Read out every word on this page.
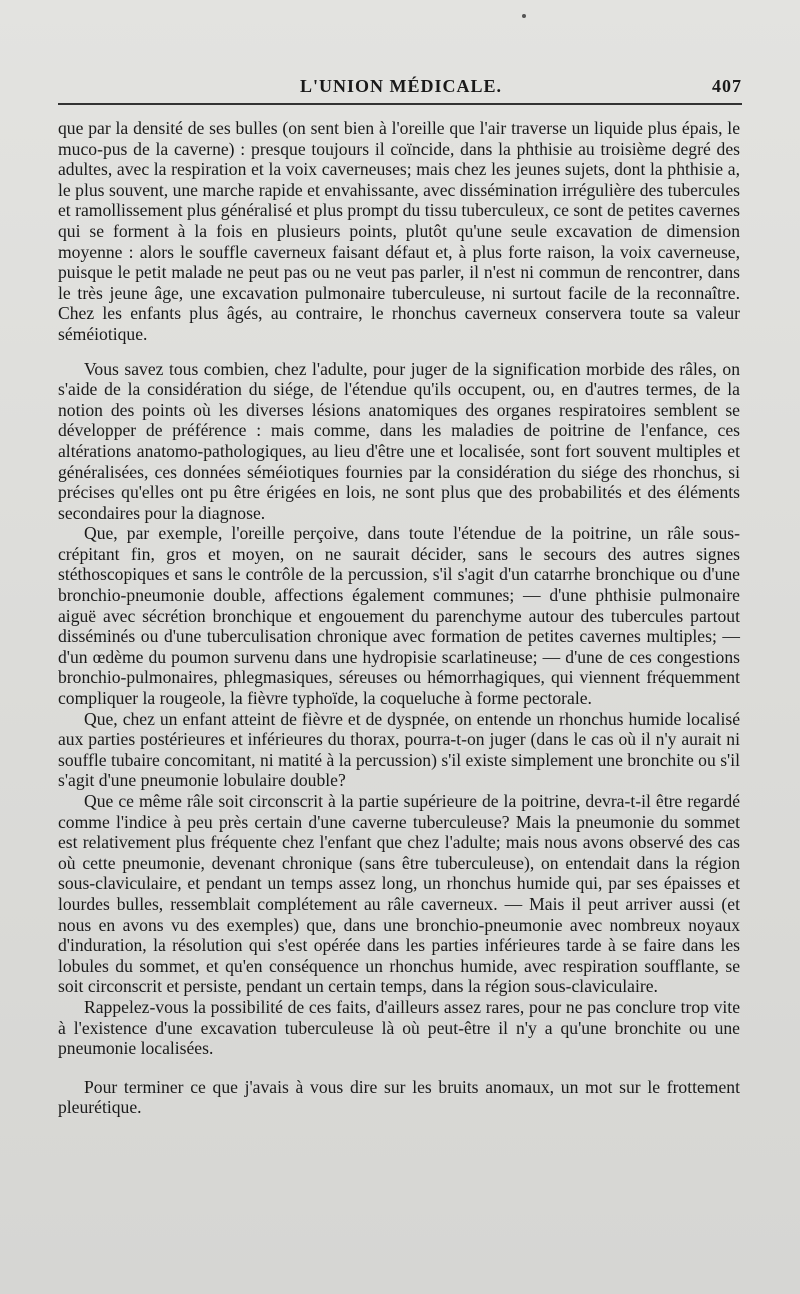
L'UNION MÉDICALE.	407

que par la densité de ses bulles (on sent bien à l'oreille que l'air traverse un liquide plus épais, le muco-pus de la caverne) : presque toujours il coïncide, dans la phthisie au troisième degré des adultes, avec la respiration et la voix caverneuses; mais chez les jeunes sujets, dont la phthisie a, le plus souvent, une marche rapide et envahissante, avec dissémination irrégulière des tubercules et ramollissement plus généralisé et plus prompt du tissu tuberculeux, ce sont de petites cavernes qui se forment à la fois en plusieurs points, plutôt qu'une seule excavation de dimension moyenne : alors le souffle caverneux faisant défaut et, à plus forte raison, la voix caverneuse, puisque le petit malade ne peut pas ou ne veut pas parler, il n'est ni commun de rencontrer, dans le très jeune âge, une excavation pulmonaire tuberculeuse, ni surtout facile de la reconnaître. Chez les enfants plus âgés, au contraire, le rhonchus caverneux conservera toute sa valeur séméiotique.

Vous savez tous combien, chez l'adulte, pour juger de la signification morbide des râles, on s'aide de la considération du siége, de l'étendue qu'ils occupent, ou, en d'autres termes, de la notion des points où les diverses lésions anatomiques des organes respiratoires semblent se développer de préférence : mais comme, dans les maladies de poitrine de l'enfance, ces altérations anatomo-pathologiques, au lieu d'être une et localisée, sont fort souvent multiples et généralisées, ces données séméiotiques fournies par la considération du siége des rhonchus, si précises qu'elles ont pu être érigées en lois, ne sont plus que des probabilités et des éléments secondaires pour la diagnose.

Que, par exemple, l'oreille perçoive, dans toute l'étendue de la poitrine, un râle sous-crépitant fin, gros et moyen, on ne saurait décider, sans le secours des autres signes stéthoscopiques et sans le contrôle de la percussion, s'il s'agit d'un catarrhe bronchique ou d'une bronchio-pneumonie double, affections également communes; — d'une phthisie pulmonaire aiguë avec sécrétion bronchique et engouement du parenchyme autour des tubercules partout disséminés ou d'une tuberculisation chronique avec formation de petites cavernes multiples; — d'un œdème du poumon survenu dans une hydropisie scarlatineuse; — d'une de ces congestions bronchio-pulmonaires, phlegmasiques, séreuses ou hémorrhagiques, qui viennent fréquemment compliquer la rougeole, la fièvre typhoïde, la coqueluche à forme pectorale.

Que, chez un enfant atteint de fièvre et de dyspnée, on entende un rhonchus humide localisé aux parties postérieures et inférieures du thorax, pourra-t-on juger (dans le cas où il n'y aurait ni souffle tubaire concomitant, ni matité à la percussion) s'il existe simplement une bronchite ou s'il s'agit d'une pneumonie lobulaire double?

Que ce même râle soit circonscrit à la partie supérieure de la poitrine, devra-t-il être regardé comme l'indice à peu près certain d'une caverne tuberculeuse? Mais la pneumonie du sommet est relativement plus fréquente chez l'enfant que chez l'adulte; mais nous avons observé des cas où cette pneumonie, devenant chronique (sans être tuberculeuse), on entendait dans la région sous-claviculaire, et pendant un temps assez long, un rhonchus humide qui, par ses épaisses et lourdes bulles, ressemblait complétement au râle caverneux. — Mais il peut arriver aussi (et nous en avons vu des exemples) que, dans une bronchio-pneumonie avec nombreux noyaux d'induration, la résolution qui s'est opérée dans les parties inférieures tarde à se faire dans les lobules du sommet, et qu'en conséquence un rhonchus humide, avec respiration soufflante, se soit circonscrit et persiste, pendant un certain temps, dans la région sous-claviculaire.

Rappelez-vous la possibilité de ces faits, d'ailleurs assez rares, pour ne pas conclure trop vite à l'existence d'une excavation tuberculeuse là où peut-être il n'y a qu'une bronchite ou une pneumonie localisées.

Pour terminer ce que j'avais à vous dire sur les bruits anomaux, un mot sur le frottement pleurétique.
